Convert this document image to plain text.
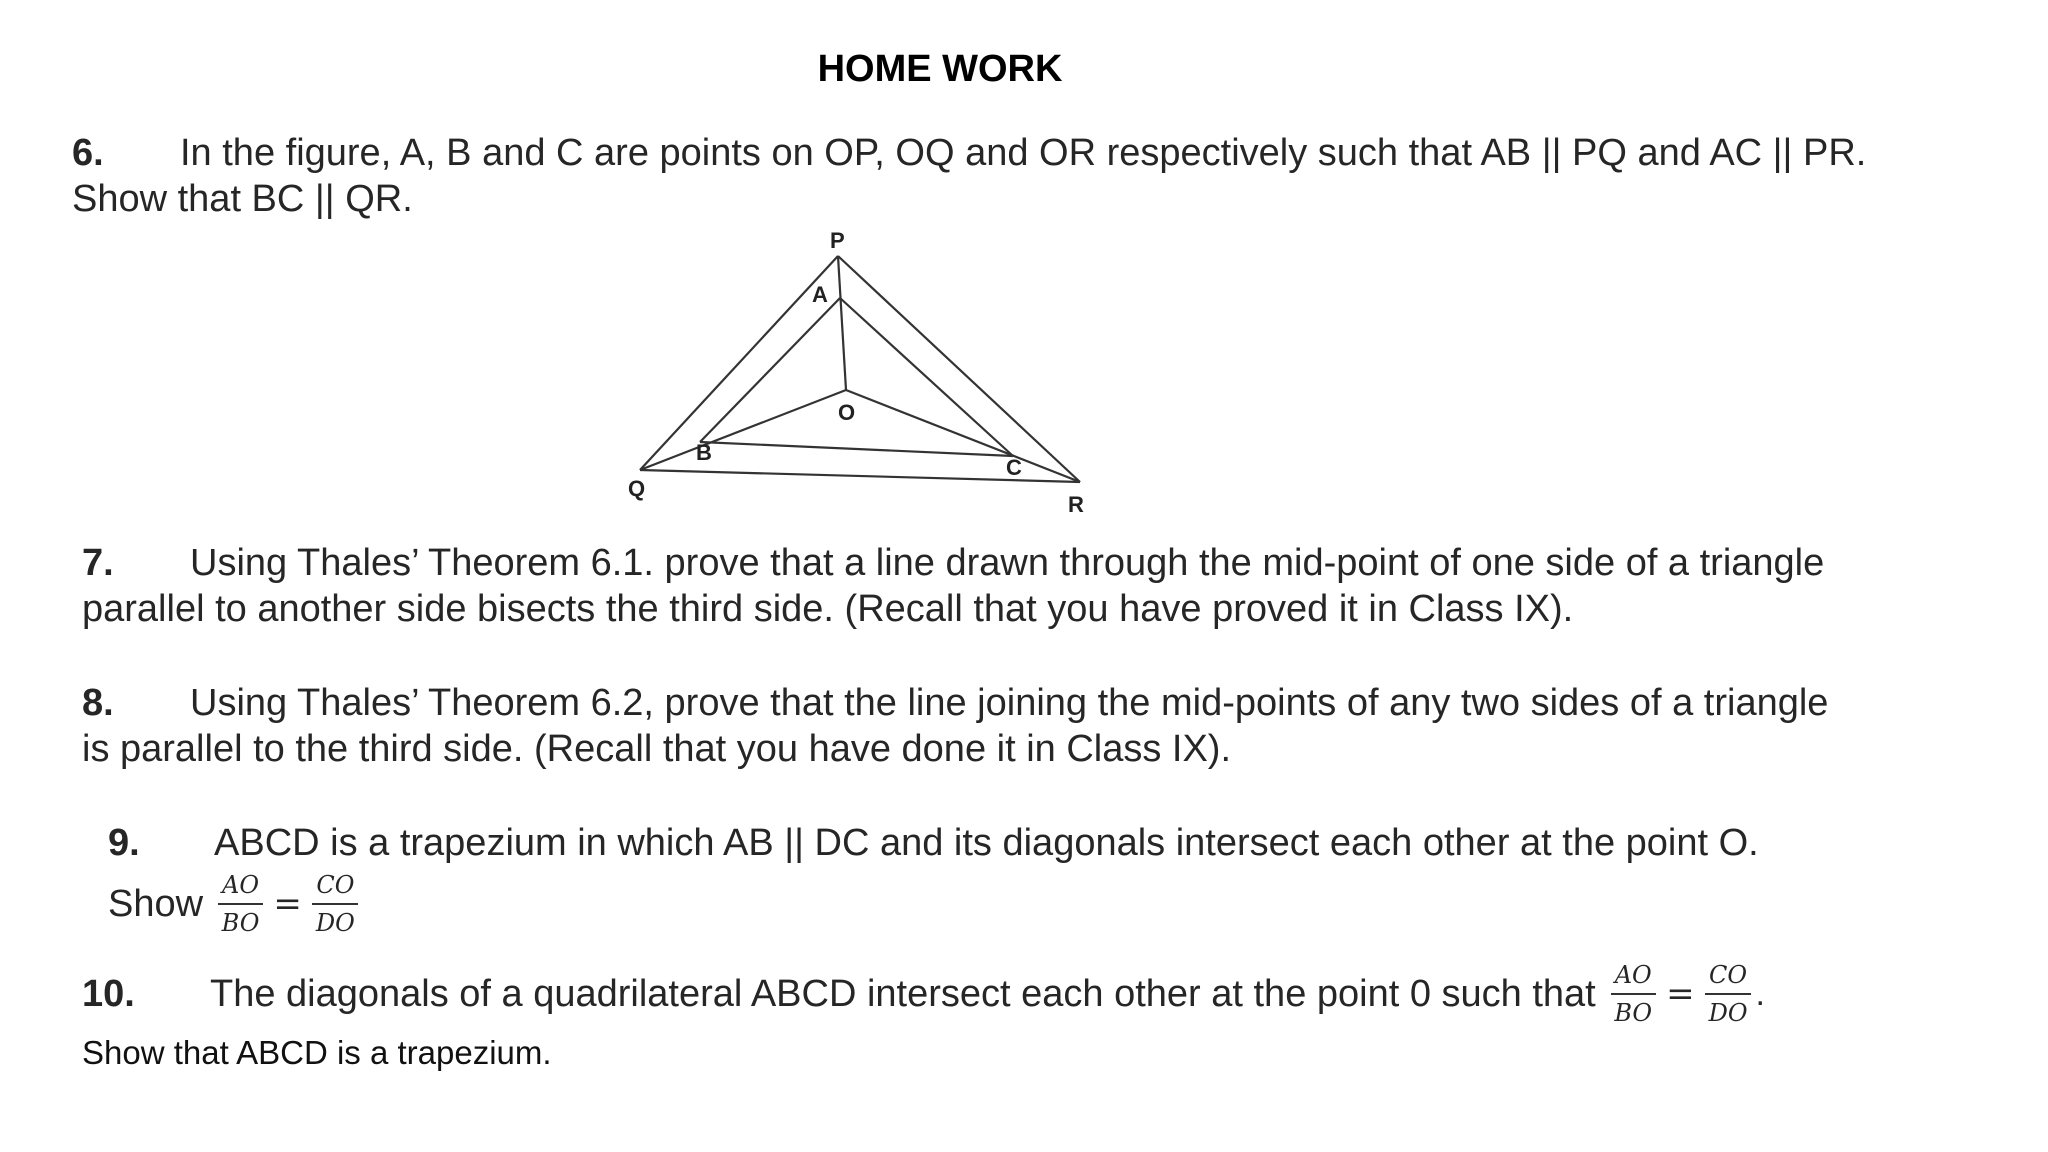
HOME WORK
6. In the figure, A, B and C are points on OP, OQ and OR respectively such that AB || PQ and AC || PR.
Show that BC || QR.
P
A
O
B
C
Q
R
7. Using Thales’ Theorem 6.1. prove that a line drawn through the mid-point of one side of a triangle
parallel to another side bisects the third side. (Recall that you have proved it in Class IX).
8. Using Thales’ Theorem 6.2, prove that the line joining the mid-points of any two sides of a triangle
is parallel to the third side. (Recall that you have done it in Class IX).
9. ABCD is a trapezium in which AB || DC and its diagonals intersect each other at the point O.
Show $\frac{AO}{BO} = \frac{CO}{DO}$
10. The diagonals of a quadrilateral ABCD intersect each other at the point 0 such that $\frac{AO}{BO} = \frac{CO}{DO}$ .
Show that ABCD is a trapezium.
